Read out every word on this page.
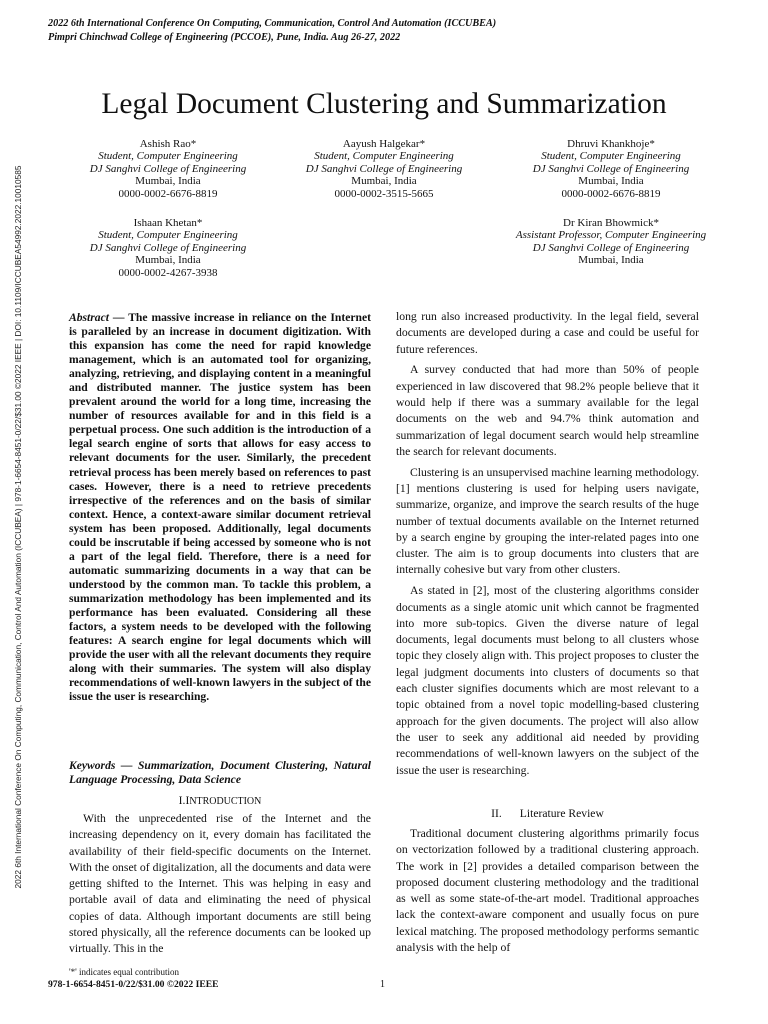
2022 6th International Conference On Computing, Communication, Control And Automation (ICCUBEA)
Pimpri Chinchwad College of Engineering (PCCOE), Pune, India. Aug 26-27, 2022
Legal Document Clustering and Summarization
Ashish Rao*
Student, Computer Engineering
DJ Sanghvi College of Engineering
Mumbai, India
0000-0002-6676-8819
Aayush Halgekar*
Student, Computer Engineering
DJ Sanghvi College of Engineering
Mumbai, India
0000-0002-3515-5665
Dhruvi Khankhoje*
Student, Computer Engineering
DJ Sanghvi College of Engineering
Mumbai, India
0000-0002-6676-8819
Ishaan Khetan*
Student, Computer Engineering
DJ Sanghvi College of Engineering
Mumbai, India
0000-0002-4267-3938
Dr Kiran Bhowmick*
Assistant Professor, Computer Engineering
DJ Sanghvi College of Engineering
Mumbai, India
2022 6th International Conference On Computing, Communication, Control And Automation (ICCUBEA) | 978-1-6654-8451-0/22/$31.00 ©2022 IEEE | DOI: 10.1109/ICCUBEA54992.2022.10010585	Abstract — The massive increase in reliance on the Internet is paralleled by an increase in document digitization. With this expansion has come the need for rapid knowledge management, which is an automated tool for organizing, analyzing, retrieving, and displaying content in a meaningful and distributed manner. The justice system has been prevalent around the world for a long time, increasing the number of resources available for and in this field is a perpetual process. One such addition is the introduction of a legal search engine of sorts that allows for easy access to relevant documents for the user. Similarly, the precedent retrieval process has been merely based on references to past cases. However, there is a need to retrieve precedents irrespective of the references and on the basis of similar context. Hence, a context-aware similar document retrieval system has been proposed. Additionally, legal documents could be inscrutable if being accessed by someone who is not a part of the legal field. Therefore, there is a need for automatic summarizing documents in a way that can be understood by the common man. To tackle this problem, a summarization methodology has been implemented and its performance has been evaluated. Considering all these factors, a system needs to be developed with the following features: A search engine for legal documents which will provide the user with all the relevant documents they require along with their summaries. The system will also display recommendations of well-known lawyers in the subject of the issue the user is researching.

Keywords — Summarization, Document Clustering, Natural Language Processing, Data Science

I.INTRODUCTION

With the unprecedented rise of the Internet and the increasing dependency on it, every domain has facilitated the availability of their field-specific documents on the Internet. With the onset of digitalization, all the documents and data were getting shifted to the Internet. This was helping in easy and portable avail of data and eliminating the need of physical copies of data. Although important documents are still being stored physically, all the reference documents can be looked up virtually. This in the

long run also increased productivity. In the legal field, several documents are developed during a case and could be useful for future references.

A survey conducted that had more than 50% of people experienced in law discovered that 98.2% people believe that it would help if there was a summary available for the legal documents on the web and 94.7% think automation and summarization of legal document search would help streamline the search for relevant documents.

Clustering is an unsupervised machine learning methodology. [1] mentions clustering is used for helping users navigate, summarize, organize, and improve the search results of the huge number of textual documents available on the Internet returned by a search engine by grouping the inter-related pages into one cluster. The aim is to group documents into clusters that are internally cohesive but vary from other clusters.

As stated in [2], most of the clustering algorithms consider documents as a single atomic unit which cannot be fragmented into more sub-topics. Given the diverse nature of legal documents, legal documents must belong to all clusters whose topic they closely align with. This project proposes to cluster the legal judgment documents into clusters of documents so that each cluster signifies documents which are most relevant to a topic obtained from a novel topic modelling-based clustering approach for the given documents. The project will also allow the user to seek any additional aid needed by providing recommendations of well-known lawyers on the subject of the issue the user is researching.

II. Literature Review

Traditional document clustering algorithms primarily focus on vectorization followed by a traditional clustering approach. The work in [2] provides a detailed comparison between the proposed document clustering methodology and the traditional as well as some state-of-the-art model. Traditional approaches lack the context-aware component and usually focus on pure lexical matching. The proposed methodology performs semantic analysis with the help of

'*' indicates equal contribution
978-1-6654-8451-0/22/$31.00 ©2022 IEEE	1
